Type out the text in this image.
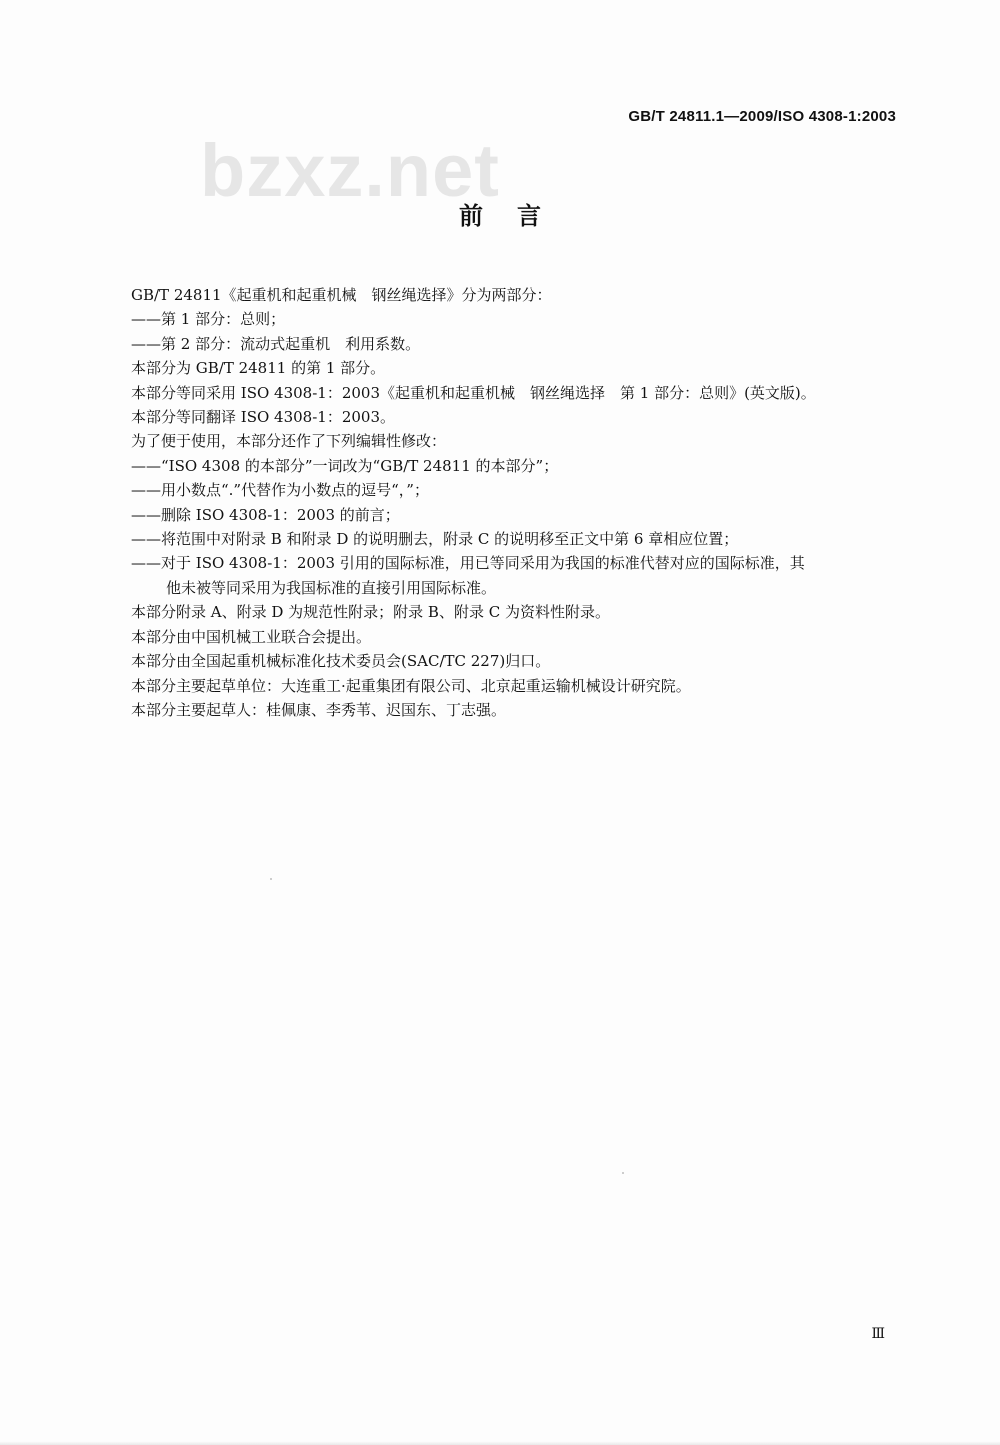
GB/T 24811.1—2009/ISO 4308-1:2003
bzxz.net
前言

GB/T 24811《起重机和起重机械　钢丝绳选择》分为两部分：

——第 1 部分：总则；

——第 2 部分：流动式起重机　利用系数。

本部分为 GB/T 24811 的第 1 部分。

本部分等同采用 ISO 4308-1：2003《起重机和起重机械　钢丝绳选择　第 1 部分：总则》(英文版)。

本部分等同翻译 ISO 4308-1：2003。

为了便于使用，本部分还作了下列编辑性修改：

——“ISO 4308 的本部分”一词改为“GB/T 24811 的本部分”；

——用小数点“.”代替作为小数点的逗号“，”；

——删除 ISO 4308-1：2003 的前言；

——将范围中对附录 B 和附录 D 的说明删去，附录 C 的说明移至正文中第 6 章相应位置；

——对于 ISO 4308-1：2003 引用的国际标准，用已等同采用为我国的标准代替对应的国际标准，其

他未被等同采用为我国标准的直接引用国际标准。

本部分附录 A、附录 D 为规范性附录；附录 B、附录 C 为资料性附录。

本部分由中国机械工业联合会提出。

本部分由全国起重机械标准化技术委员会(SAC/TC 227)归口。

本部分主要起草单位：大连重工·起重集团有限公司、北京起重运输机械设计研究院。

本部分主要起草人：桂佩康、李秀苇、迟国东、丁志强。

Ⅲ
